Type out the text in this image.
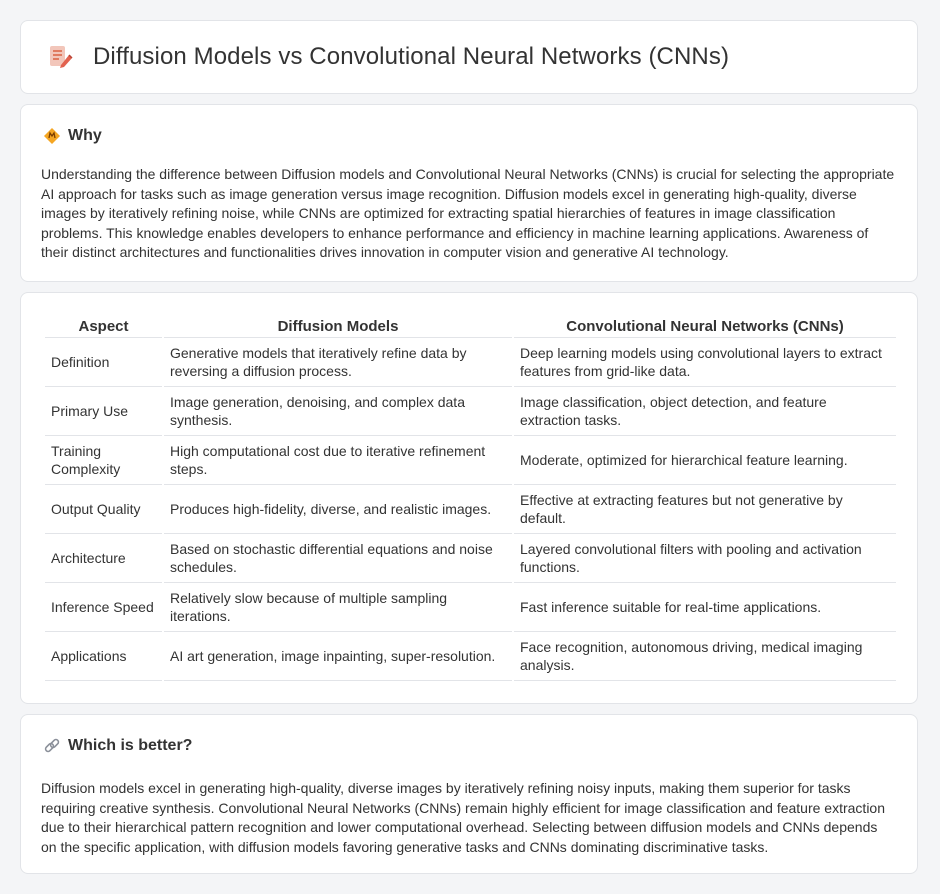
Diffusion Models vs Convolutional Neural Networks (CNNs)
Why

Understanding the difference between Diffusion models and Convolutional Neural Networks (CNNs) is crucial for selecting the appropriate AI approach for tasks such as image generation versus image recognition. Diffusion models excel in generating high-quality, diverse images by iteratively refining noise, while CNNs are optimized for extracting spatial hierarchies of features in image classification problems. This knowledge enables developers to enhance performance and efficiency in machine learning applications. Awareness of their distinct architectures and functionalities drives innovation in computer vision and generative AI technology.

Aspect	Diffusion Models	Convolutional Neural Networks (CNNs)
Definition	Generative models that iteratively refine data by reversing a diffusion process.	Deep learning models using convolutional layers to extract features from grid-like data.
Primary Use	Image generation, denoising, and complex data synthesis.	Image classification, object detection, and feature extraction tasks.
Training Complexity	High computational cost due to iterative refinement steps.	Moderate, optimized for hierarchical feature learning.
Output Quality	Produces high-fidelity, diverse, and realistic images.	Effective at extracting features but not generative by default.
Architecture	Based on stochastic differential equations and noise schedules.	Layered convolutional filters with pooling and activation functions.
Inference Speed	Relatively slow because of multiple sampling iterations.	Fast inference suitable for real-time applications.
Applications	AI art generation, image inpainting, super-resolution.	Face recognition, autonomous driving, medical imaging analysis.
Which is better?

Diffusion models excel in generating high-quality, diverse images by iteratively refining noisy inputs, making them superior for tasks requiring creative synthesis. Convolutional Neural Networks (CNNs) remain highly efficient for image classification and feature extraction due to their hierarchical pattern recognition and lower computational overhead. Selecting between diffusion models and CNNs depends on the specific application, with diffusion models favoring generative tasks and CNNs dominating discriminative tasks.
